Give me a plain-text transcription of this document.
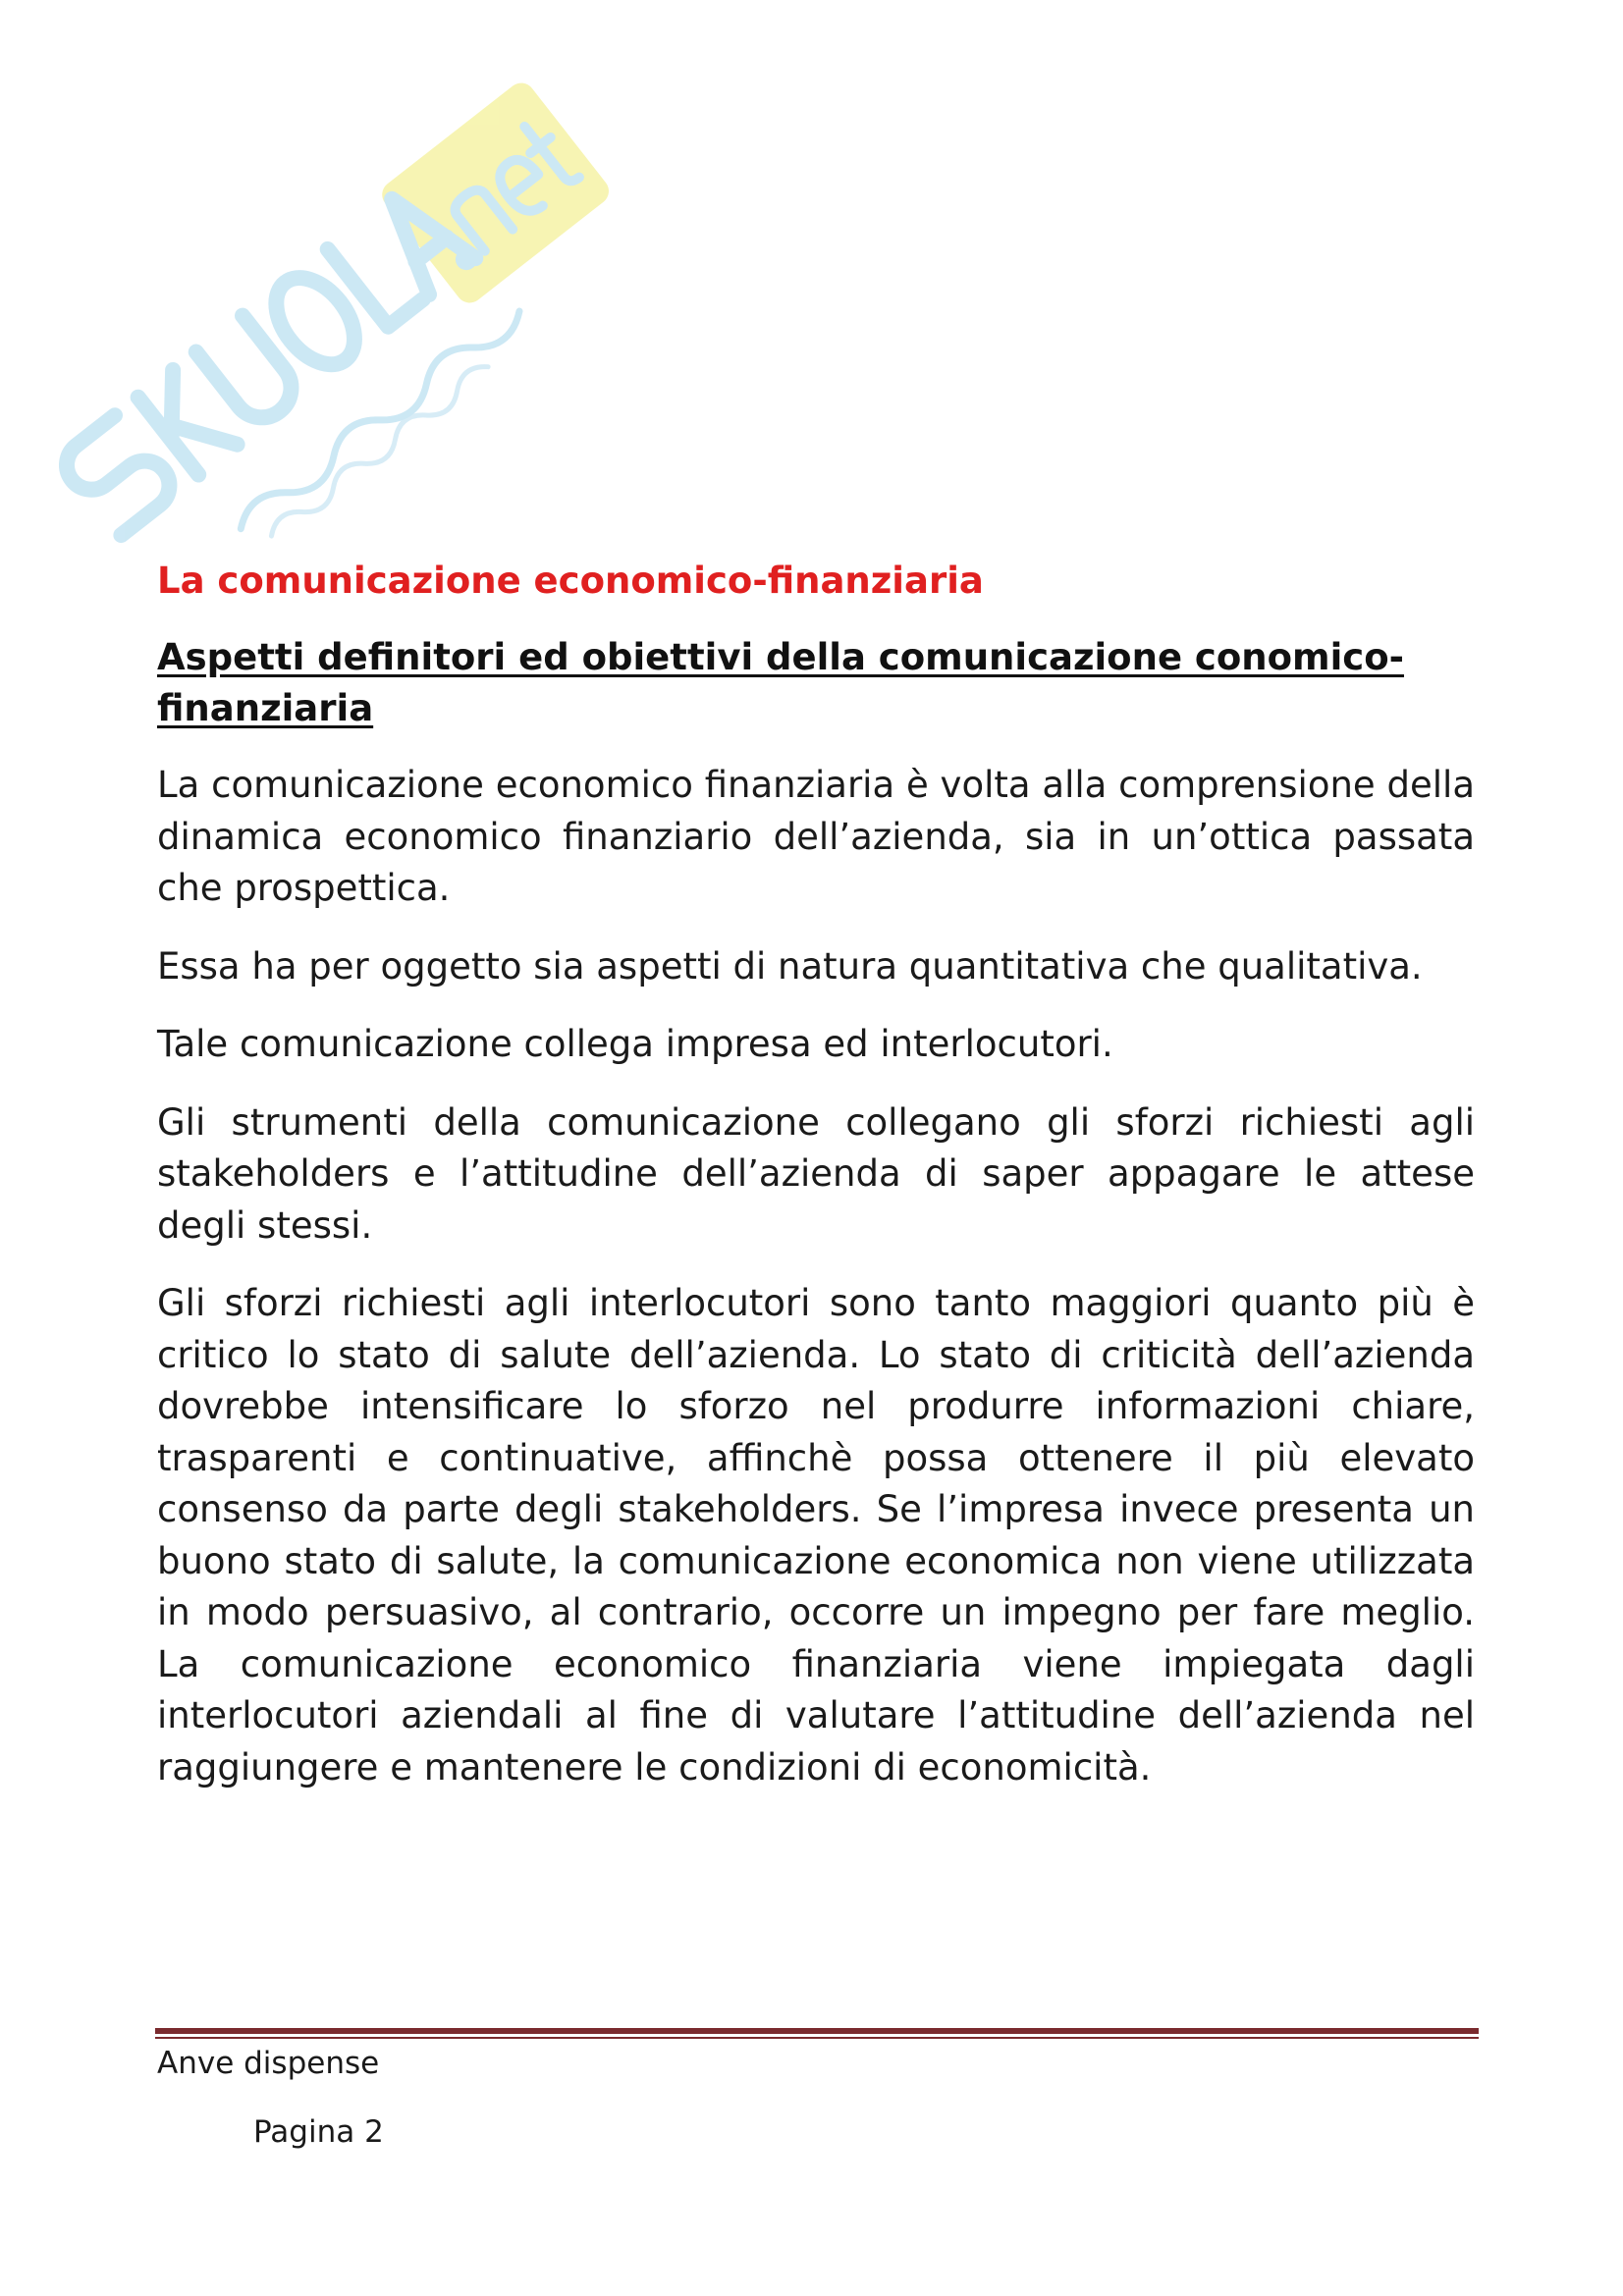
La comunicazione economico-finanziaria
Aspetti definitori ed obiettivi della comunicazione conomico-finanziaria

La comunicazione economico finanziaria è volta alla comprensione della dinamica economico finanziario dell’azienda, sia in un’ottica passata che prospettica.

Essa ha per oggetto sia aspetti di natura quantitativa che qualitativa.

Tale comunicazione collega impresa ed interlocutori.

Gli strumenti della comunicazione collegano gli sforzi richiesti agli stakeholders e l’attitudine dell’azienda di saper appagare le attese degli stessi.

Gli sforzi richiesti agli interlocutori sono tanto maggiori quanto più è critico lo stato di salute dell’azienda. Lo stato di criticità dell’azienda dovrebbe intensificare lo sforzo nel produrre informazioni chiare, trasparenti e continuative, affinchè possa ottenere il più elevato consenso da parte degli stakeholders. Se l’impresa invece presenta un buono stato di salute, la comunicazione economica non viene utilizzata in modo persuasivo, al contrario, occorre un impegno per fare meglio. La comunicazione economico finanziaria viene impiegata dagli interlocutori aziendali al fine di valutare l’attitudine dell’azienda nel raggiungere e mantenere le condizioni di economicità.

Anve dispense
Pagina 2
